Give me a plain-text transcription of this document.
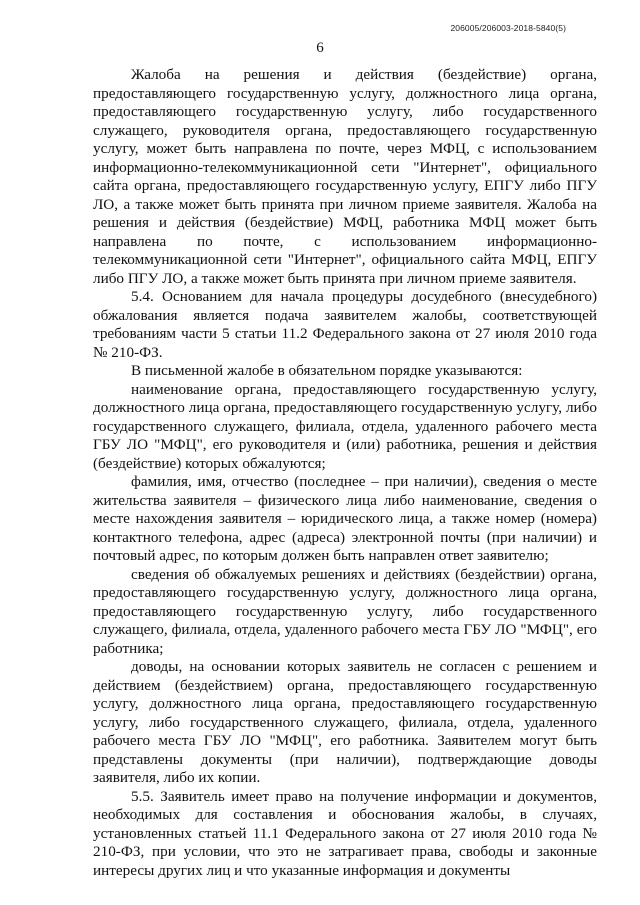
206005/206003-2018-5840(5)
6

Жалоба на решения и действия (бездействие) органа, предоставляющего государственную услугу, должностного лица органа, предоставляющего государственную услугу, либо государственного служащего, руководителя органа, предоставляющего государственную услугу, может быть направлена по почте, через МФЦ, с использованием информационно-телекоммуникационной сети "Интернет", официального сайта органа, предоставляющего государственную услугу, ЕПГУ либо ПГУ ЛО, а также может быть принята при личном приеме заявителя. Жалоба на решения и действия (бездействие) МФЦ, работника МФЦ может быть направлена по почте, с использованием информационно-телекоммуникационной сети "Интернет", официального сайта МФЦ, ЕПГУ либо ПГУ ЛО, а также может быть принята при личном приеме заявителя.

5.4. Основанием для начала процедуры досудебного (внесудебного) обжалования является подача заявителем жалобы, соответствующей требованиям части 5 статьи 11.2 Федерального закона от 27 июля 2010 года № 210-ФЗ.

В письменной жалобе в обязательном порядке указываются:

наименование органа, предоставляющего государственную услугу, должностного лица органа, предоставляющего государственную услугу, либо государственного служащего, филиала, отдела, удаленного рабочего места ГБУ ЛО "МФЦ", его руководителя и (или) работника, решения и действия (бездействие) которых обжалуются;

фамилия, имя, отчество (последнее – при наличии), сведения о месте жительства заявителя – физического лица либо наименование, сведения о месте нахождения заявителя – юридического лица, а также номер (номера) контактного телефона, адрес (адреса) электронной почты (при наличии) и почтовый адрес, по которым должен быть направлен ответ заявителю;

сведения об обжалуемых решениях и действиях (бездействии) органа, предоставляющего государственную услугу, должностного лица органа, предоставляющего государственную услугу, либо государственного служащего, филиала, отдела, удаленного рабочего места ГБУ ЛО "МФЦ", его работника;

доводы, на основании которых заявитель не согласен с решением и действием (бездействием) органа, предоставляющего государственную услугу, должностного лица органа, предоставляющего государственную услугу, либо государственного служащего, филиала, отдела, удаленного рабочего места ГБУ ЛО "МФЦ", его работника. Заявителем могут быть представлены документы (при наличии), подтверждающие доводы заявителя, либо их копии.

5.5. Заявитель имеет право на получение информации и документов, необходимых для составления и обоснования жалобы, в случаях, установленных статьей 11.1 Федерального закона от 27 июля 2010 года № 210-ФЗ, при условии, что это не затрагивает права, свободы и законные интересы других лиц и что указанные информация и документы
